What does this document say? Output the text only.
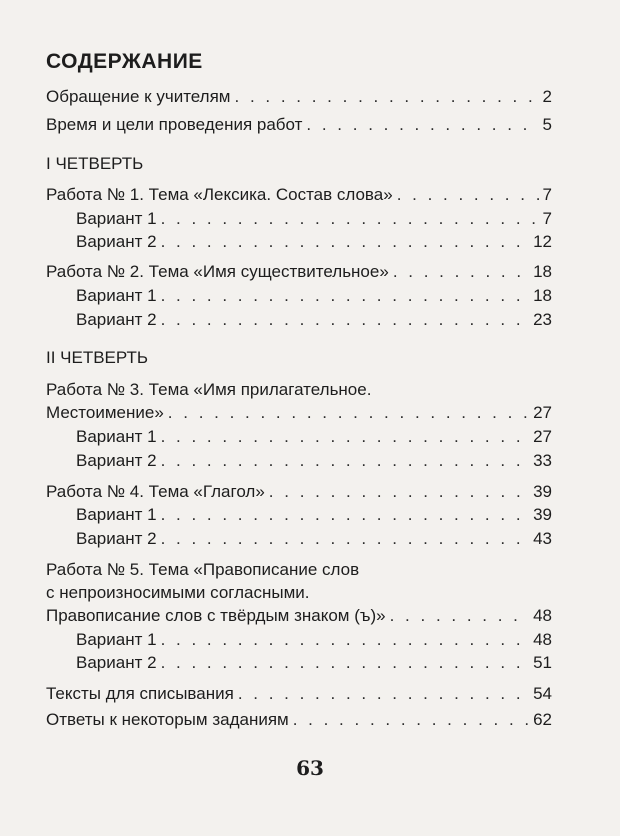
СОДЕРЖАНИЕ
Обращение к учителям . . .	2
Время и цели проведения работ . . .	5
I ЧЕТВЕРТЬ
Работа № 1. Тема «Лексика. Состав слова» . . .	7
Вариант 1 . . .	7
Вариант 2 . . .	12
Работа № 2. Тема «Имя существительное» . . .	18
Вариант 1 . . .	18
Вариант 2 . . .	23
II ЧЕТВЕРТЬ
Работа № 3. Тема «Имя прилагательное.
Местоимение» . . .	27
Вариант 1 . . .	27
Вариант 2 . . .	33
Работа № 4. Тема «Глагол» . . .	39
Вариант 1 . . .	39
Вариант 2 . . .	43
Работа № 5. Тема «Правописание слов
с непроизносимыми согласными.
Правописание слов с твёрдым знаком (ъ)» . . .	48
Вариант 1 . . .	48
Вариант 2 . . .	51
Тексты для списывания . . .	54
Ответы к некоторым заданиям . . .	62
63
